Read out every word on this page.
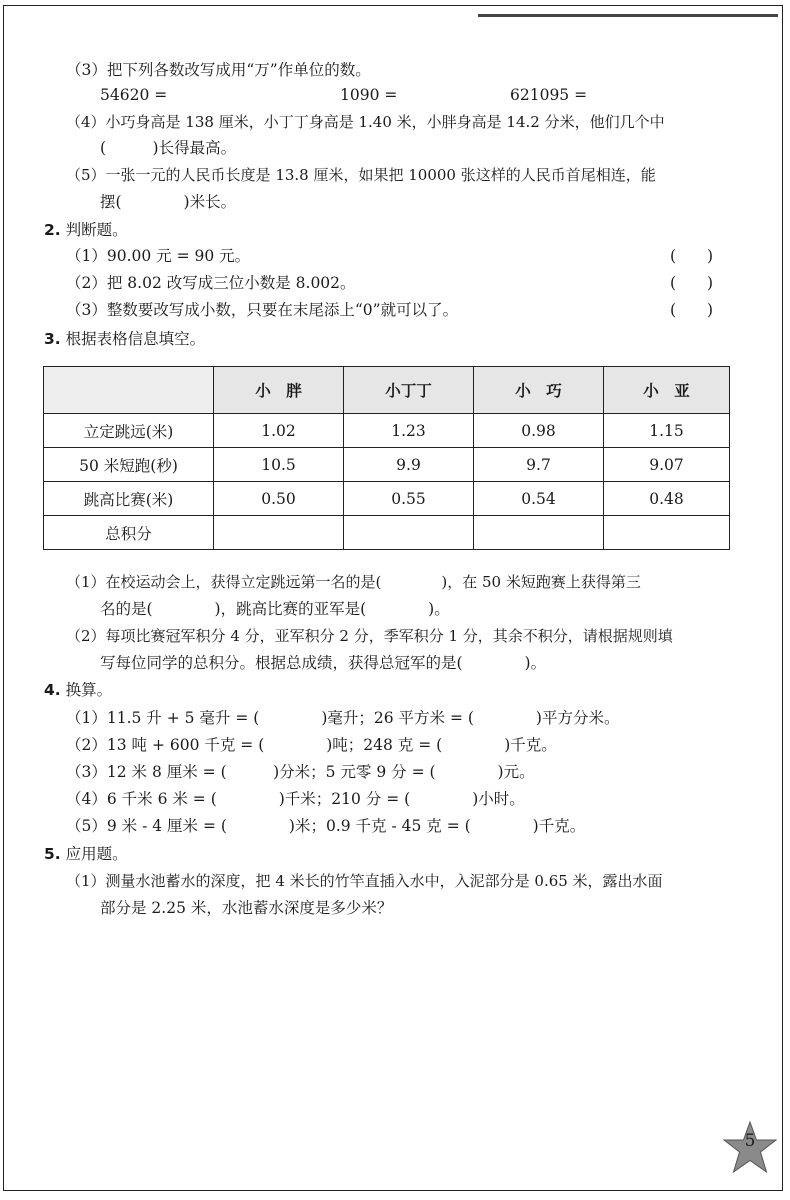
（3）把下列各数改写成用“万”作单位的数。
54620 =	1090 =	621095 =
（4）小巧身高是 138 厘米，小丁丁身高是 1.40 米，小胖身高是 14.2 分米，他们几个中
(　　　)长得最高。
（5）一张一元的人民币长度是 13.8 厘米，如果把 10000 张这样的人民币首尾相连，能
摆(　　　　)米长。
2. 判断题。
（1）90.00 元 = 90 元。	(　　)
（2）把 8.02 改写成三位小数是 8.002。	(　　)
（3）整数要改写成小数，只要在末尾添上“0”就可以了。	(　　)
3. 根据表格信息填空。
	小　胖	小丁丁	小　巧	小　亚
立定跳远(米)	1.02	1.23	0.98	1.15
50 米短跑(秒)	10.5	9.9	9.7	9.07
跳高比赛(米)	0.50	0.55	0.54	0.48
总积分				
（1）在校运动会上，获得立定跳远第一名的是(　　　　)，在 50 米短跑赛上获得第三
名的是(　　　　)，跳高比赛的亚军是(　　　　)。
（2）每项比赛冠军积分 4 分，亚军积分 2 分，季军积分 1 分，其余不积分，请根据规则填
写每位同学的总积分。根据总成绩，获得总冠军的是(　　　　)。
4. 换算。
（1）11.5 升 + 5 毫升 = (　　　　)毫升；26 平方米 = (　　　　)平方分米。
（2）13 吨 + 600 千克 = (　　　　)吨；248 克 = (　　　　)千克。
（3）12 米 8 厘米 = (　　　)分米；5 元零 9 分 = (　　　　)元。
（4）6 千米 6 米 = (　　　　)千米；210 分 = (　　　　)小时。
（5）9 米 - 4 厘米 = (　　　　)米；0.9 千克 - 45 克 = (　　　　)千克。
5. 应用题。
（1）测量水池蓄水的深度，把 4 米长的竹竿直插入水中，入泥部分是 0.65 米，露出水面
部分是 2.25 米，水池蓄水深度是多少米？
5
